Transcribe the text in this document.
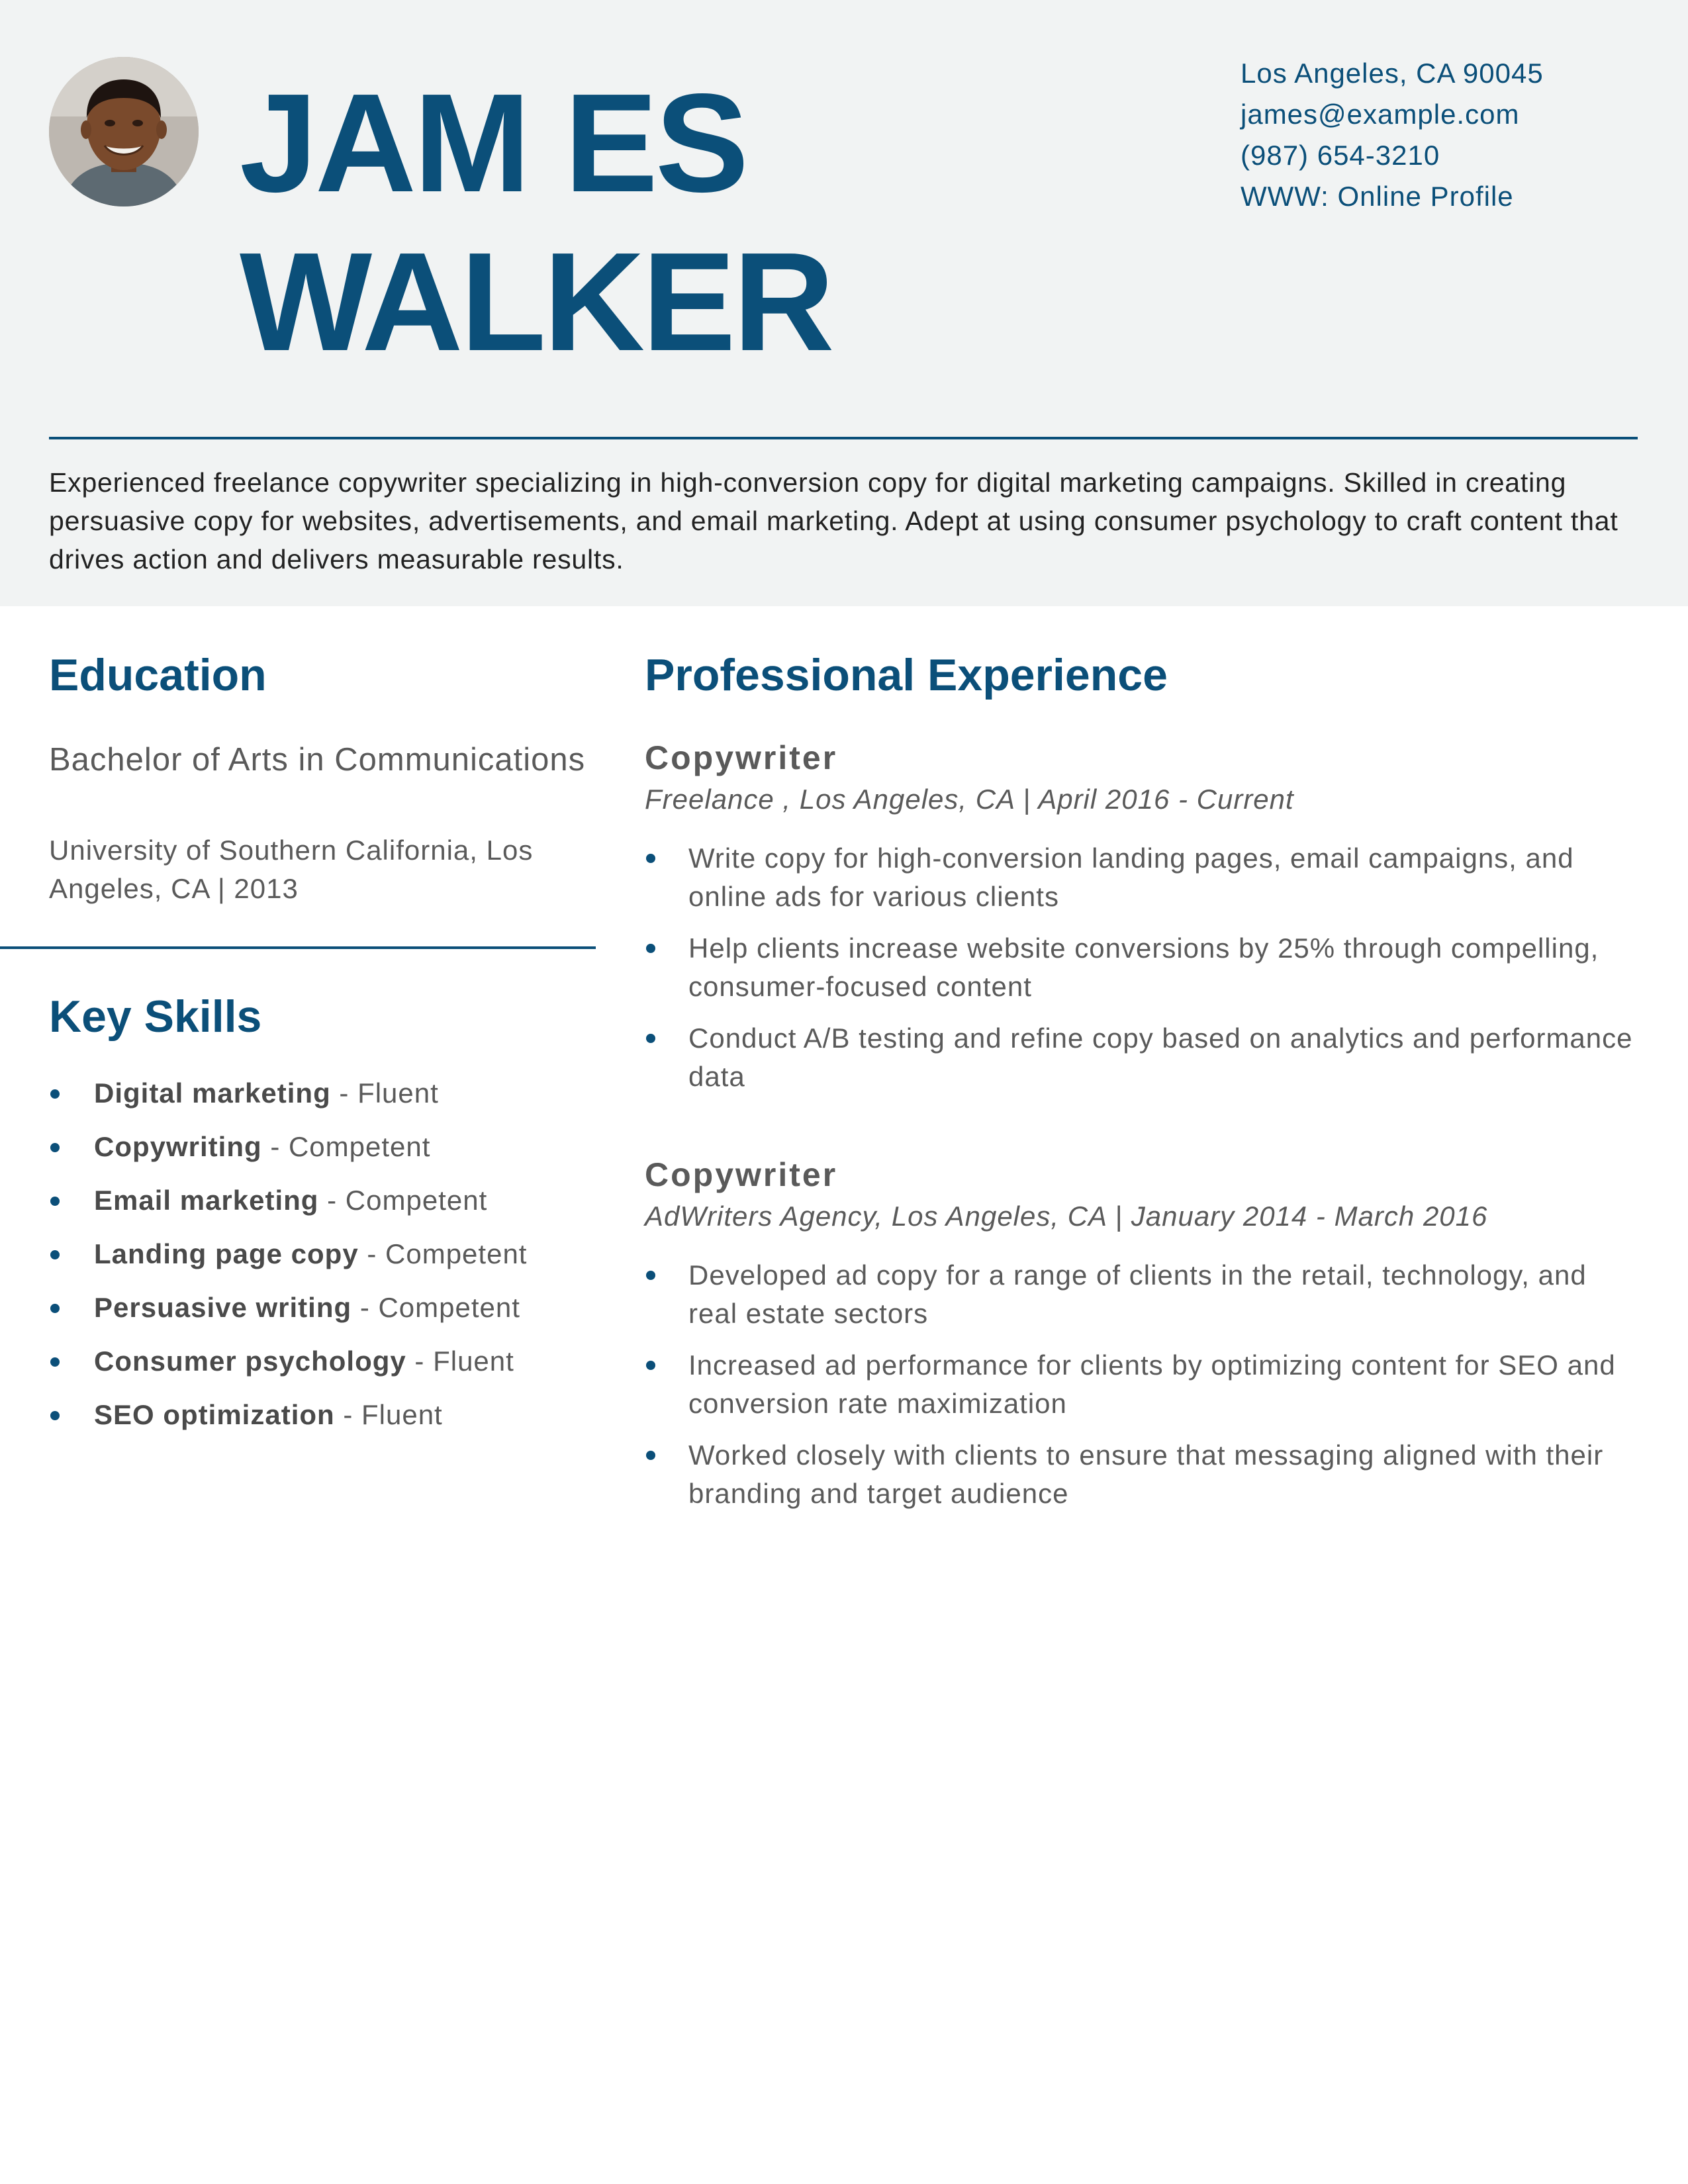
JAM ES
WALKER
Los Angeles, CA 90045
james@example.com
(987) 654-3210
WWW: Online Profile
Experienced freelance copywriter specializing in high-conversion copy for digital marketing campaigns. Skilled in creating persuasive copy for websites, advertisements, and email marketing. Adept at using consumer psychology to craft content that drives action and delivers measurable results.
Education
Bachelor of Arts in Communications
University of Southern California, Los Angeles, CA | 2013
Key Skills
Digital marketing - Fluent
Copywriting - Competent
Email marketing - Competent
Landing page copy - Competent
Persuasive writing - Competent
Consumer psychology - Fluent
SEO optimization - Fluent
Professional Experience
Copywriter
Freelance , Los Angeles, CA | April 2016 - Current
Write copy for high-conversion landing pages, email campaigns, and online ads for various clients
Help clients increase website conversions by 25% through compelling, consumer-focused content
Conduct A/B testing and refine copy based on analytics and performance data
Copywriter
AdWriters Agency, Los Angeles, CA | January 2014 - March 2016
Developed ad copy for a range of clients in the retail, technology, and real estate sectors
Increased ad performance for clients by optimizing content for SEO and conversion rate maximization
Worked closely with clients to ensure that messaging aligned with their branding and target audience
